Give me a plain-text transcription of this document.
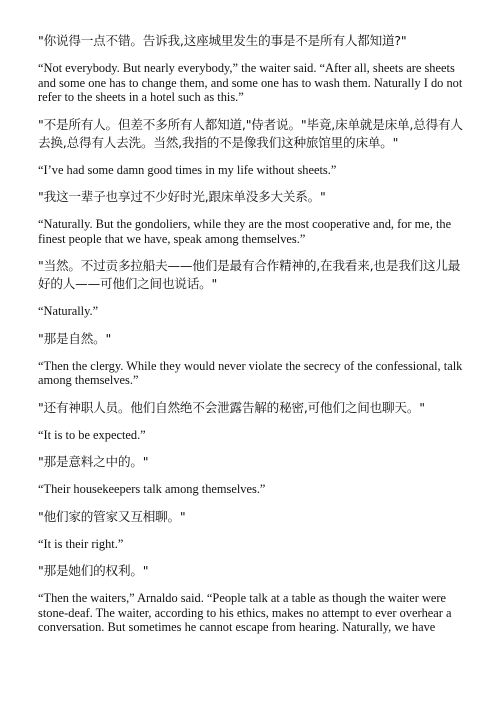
"你说得一点不错。告诉我,这座城里发生的事是不是所有人都知道?"

“Not everybody. But nearly everybody,” the waiter said. “After all, sheets are sheets and some one has to change them, and some one has to wash them. Naturally I do not refer to the sheets in a hotel such as this.”

"不是所有人。但差不多所有人都知道,"侍者说。"毕竟,床单就是床单,总得有人去换,总得有人去洗。当然,我指的不是像我们这种旅馆里的床单。"

“I’ve had some damn good times in my life without sheets.”

"我这一辈子也享过不少好时光,跟床单没多大关系。"

“Naturally. But the gondoliers, while they are the most cooperative and, for me, the finest people that we have, speak among themselves.”

"当然。不过贡多拉船夫——他们是最有合作精神的,在我看来,也是我们这儿最好的人——可他们之间也说话。"

“Naturally.”

"那是自然。"

“Then the clergy. While they would never violate the secrecy of the confessional, talk among themselves.”

"还有神职人员。他们自然绝不会泄露告解的秘密,可他们之间也聊天。"

“It is to be expected.”

"那是意料之中的。"

“Their housekeepers talk among themselves.”

"他们家的管家又互相聊。"

“It is their right.”

"那是她们的权利。"

“Then the waiters,” Arnaldo said. “People talk at a table as though the waiter were stone-deaf. The waiter, according to his ethics, makes no attempt to ever overhear a conversation. But sometimes he cannot escape from hearing. Naturally, we have
